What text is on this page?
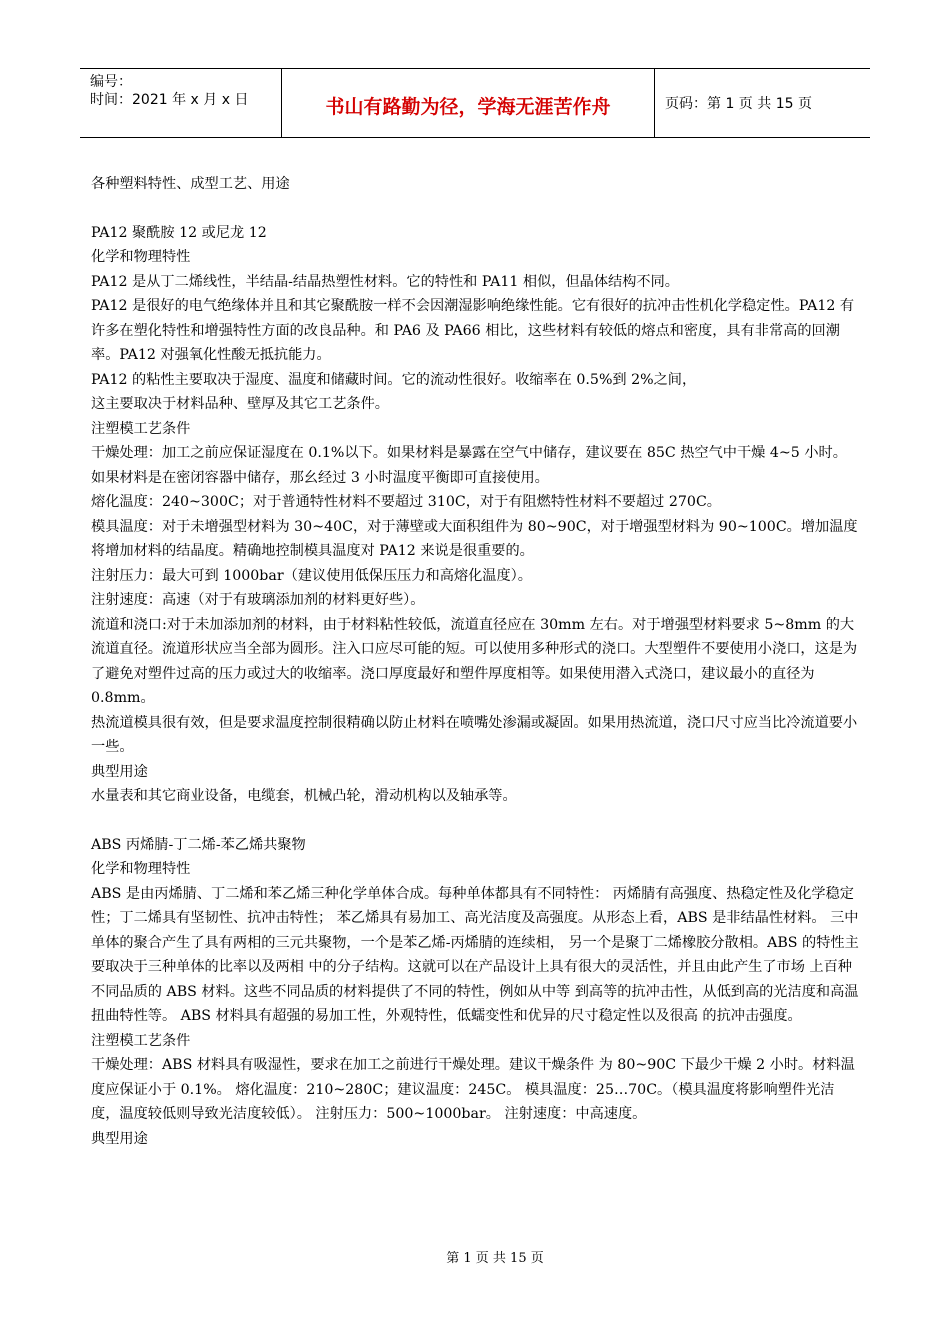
编号：
时间：2021 年 x 月 x 日	书山有路勤为径，学海无涯苦作舟	页码：第 1 页 共 15 页

各种塑料特性、成型工艺、用途

PA12 聚酰胺 12 或尼龙 12

化学和物理特性

PA12 是从丁二烯线性，半结晶-结晶热塑性材料。它的特性和 PA11 相似，但晶体结构不同。

PA12 是很好的电气绝缘体并且和其它聚酰胺一样不会因潮湿影响绝缘性能。它有很好的抗冲击性机化学稳定性。PA12 有许多在塑化特性和增强特性方面的改良品种。和 PA6 及 PA66 相比，这些材料有较低的熔点和密度，具有非常高的回潮率。PA12 对强氧化性酸无抵抗能力。

PA12 的粘性主要取决于湿度、温度和储藏时间。它的流动性很好。收缩率在 0.5%到 2%之间，

这主要取决于材料品种、壁厚及其它工艺条件。

注塑模工艺条件

干燥处理：加工之前应保证湿度在 0.1%以下。如果材料是暴露在空气中储存，建议要在 85C 热空气中干燥 4~5 小时。如果材料是在密闭容器中储存，那幺经过 3 小时温度平衡即可直接使用。

熔化温度：240~300C；对于普通特性材料不要超过 310C，对于有阻燃特性材料不要超过 270C。

模具温度：对于未增强型材料为 30~40C，对于薄壁或大面积组件为 80~90C，对于增强型材料为 90~100C。增加温度将增加材料的结晶度。精确地控制模具温度对 PA12 来说是很重要的。

注射压力：最大可到 1000bar（建议使用低保压压力和高熔化温度）。

注射速度：高速（对于有玻璃添加剂的材料更好些）。

流道和浇口:对于未加添加剂的材料，由于材料粘性较低，流道直径应在 30mm 左右。对于增强型材料要求 5~8mm 的大流道直径。流道形状应当全部为圆形。注入口应尽可能的短。可以使用多种形式的浇口。大型塑件不要使用小浇口，这是为了避免对塑件过高的压力或过大的收缩率。浇口厚度最好和塑件厚度相等。如果使用潜入式浇口，建议最小的直径为 0.8mm。

热流道模具很有效，但是要求温度控制很精确以防止材料在喷嘴处渗漏或凝固。如果用热流道，浇口尺寸应当比冷流道要小一些。

典型用途

水量表和其它商业设备，电缆套，机械凸轮，滑动机构以及轴承等。

ABS 丙烯腈-丁二烯-苯乙烯共聚物

化学和物理特性

ABS 是由丙烯腈、丁二烯和苯乙烯三种化学单体合成。每种单体都具有不同特性： 丙烯腈有高强度、热稳定性及化学稳定性；丁二烯具有坚韧性、抗冲击特性； 苯乙烯具有易加工、高光洁度及高强度。从形态上看，ABS 是非结晶性材料。 三中单体的聚合产生了具有两相的三元共聚物，一个是苯乙烯-丙烯腈的连续相， 另一个是聚丁二烯橡胶分散相。ABS 的特性主要取决于三种单体的比率以及两相 中的分子结构。这就可以在产品设计上具有很大的灵活性，并且由此产生了市场 上百种不同品质的 ABS 材料。这些不同品质的材料提供了不同的特性，例如从中等 到高等的抗冲击性，从低到高的光洁度和高温扭曲特性等。 ABS 材料具有超强的易加工性，外观特性，低蠕变性和优异的尺寸稳定性以及很高 的抗冲击强度。

注塑模工艺条件

干燥处理：ABS 材料具有吸湿性，要求在加工之前进行干燥处理。建议干燥条件 为 80~90C 下最少干燥 2 小时。材料温度应保证小于 0.1%。 熔化温度：210~280C；建议温度：245C。 模具温度：25…70C。（模具温度将影响塑件光洁度，温度较低则导致光洁度较低）。 注射压力：500~1000bar。 注射速度：中高速度。

典型用途

第 1 页 共 15 页
